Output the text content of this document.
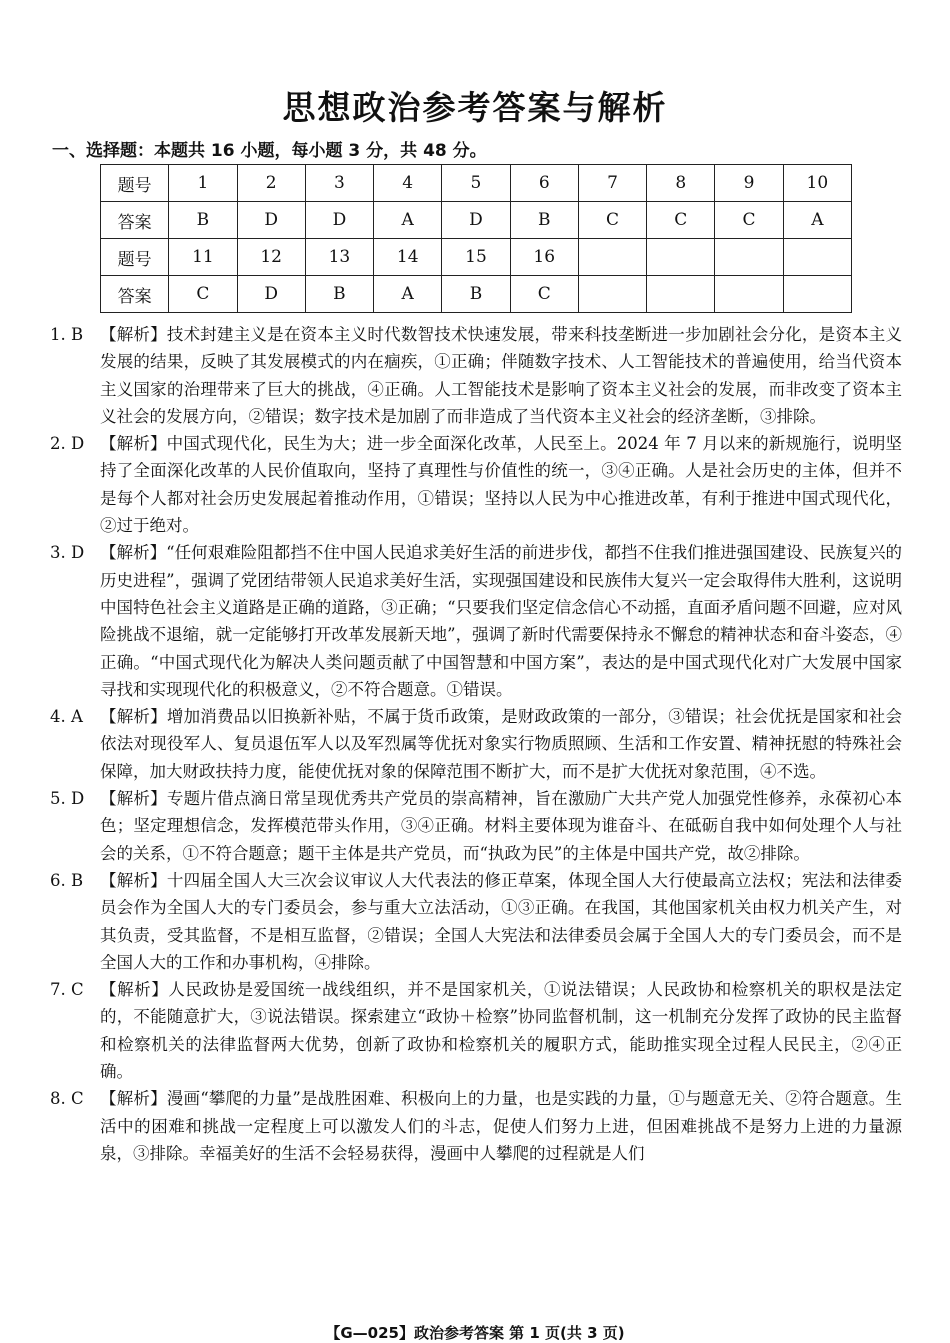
思想政治参考答案与解析
一、选择题：本题共 16 小题，每小题 3 分，共 48 分。
题号	1	2	3	4	5	6	7	8	9	10
答案	B	D	D	A	D	B	C	C	C	A
题号	11	12	13	14	15	16				
答案	C	D	B	A	B	C				
1. B	【解析】技术封建主义是在资本主义时代数智技术快速发展，带来科技垄断进一步加剧社会分化，是资本主义发展的结果，反映了其发展模式的内在痼疾，①正确；伴随数字技术、人工智能技术的普遍使用，给当代资本主义国家的治理带来了巨大的挑战，④正确。人工智能技术是影响了资本主义社会的发展，而非改变了资本主义社会的发展方向，②错误；数字技术是加剧了而非造成了当代资本主义社会的经济垄断，③排除。
2. D 【解析】中国式现代化，民生为大；进一步全面深化改革，人民至上。2024 年 7 月以来的新规施行，说明坚持了全面深化改革的人民价值取向，坚持了真理性与价值性的统一，③④正确。人是社会历史的主体，但并不是每个人都对社会历史发展起着推动作用，①错误；坚持以人民为中心推进改革，有利于推进中国式现代化，②过于绝对。
3. D 【解析】“任何艰难险阻都挡不住中国人民追求美好生活的前进步伐，都挡不住我们推进强国建设、民族复兴的历史进程”，强调了党团结带领人民追求美好生活，实现强国建设和民族伟大复兴一定会取得伟大胜利，这说明中国特色社会主义道路是正确的道路，③正确；“只要我们坚定信念信心不动摇，直面矛盾问题不回避，应对风险挑战不退缩，就一定能够打开改革发展新天地”，强调了新时代需要保持永不懈怠的精神状态和奋斗姿态，④正确。“中国式现代化为解决人类问题贡献了中国智慧和中国方案”，表达的是中国式现代化对广大发展中国家寻找和实现现代化的积极意义，②不符合题意。①错误。
4. A	【解析】增加消费品以旧换新补贴，不属于货币政策，是财政政策的一部分，③错误；社会优抚是国家和社会依法对现役军人、复员退伍军人以及军烈属等优抚对象实行物质照顾、生活和工作安置、精神抚慰的特殊社会保障，加大财政扶持力度，能使优抚对象的保障范围不断扩大，而不是扩大优抚对象范围，④不选。
5. D 【解析】专题片借点滴日常呈现优秀共产党员的崇高精神，旨在激励广大共产党人加强党性修养，永葆初心本色；坚定理想信念，发挥模范带头作用，③④正确。材料主要体现为谁奋斗、在砥砺自我中如何处理个人与社会的关系，①不符合题意；题干主体是共产党员，而“执政为民”的主体是中国共产党，故②排除。
6. B	【解析】十四届全国人大三次会议审议人大代表法的修正草案，体现全国人大行使最高立法权；宪法和法律委员会作为全国人大的专门委员会，参与重大立法活动，①③正确。在我国，其他国家机关由权力机关产生，对其负责，受其监督，不是相互监督，②错误；全国人大宪法和法律委员会属于全国人大的专门委员会，而不是全国人大的工作和办事机构，④排除。
7. C 【解析】人民政协是爱国统一战线组织，并不是国家机关，①说法错误；人民政协和检察机关的职权是法定的，不能随意扩大，③说法错误。探索建立“政协＋检察”协同监督机制，这一机制充分发挥了政协的民主监督和检察机关的法律监督两大优势，创新了政协和检察机关的履职方式，能助推实现全过程人民民主，②④正确。
8. C 【解析】漫画“攀爬的力量”是战胜困难、积极向上的力量，也是实践的力量，①与题意无关、②符合题意。生活中的困难和挑战一定程度上可以激发人们的斗志，促使人们努力上进，但困难挑战不是努力上进的力量源泉，③排除。幸福美好的生活不会轻易获得，漫画中人攀爬的过程就是人们
【G—025】政治参考答案 第 1 页(共 3 页)
